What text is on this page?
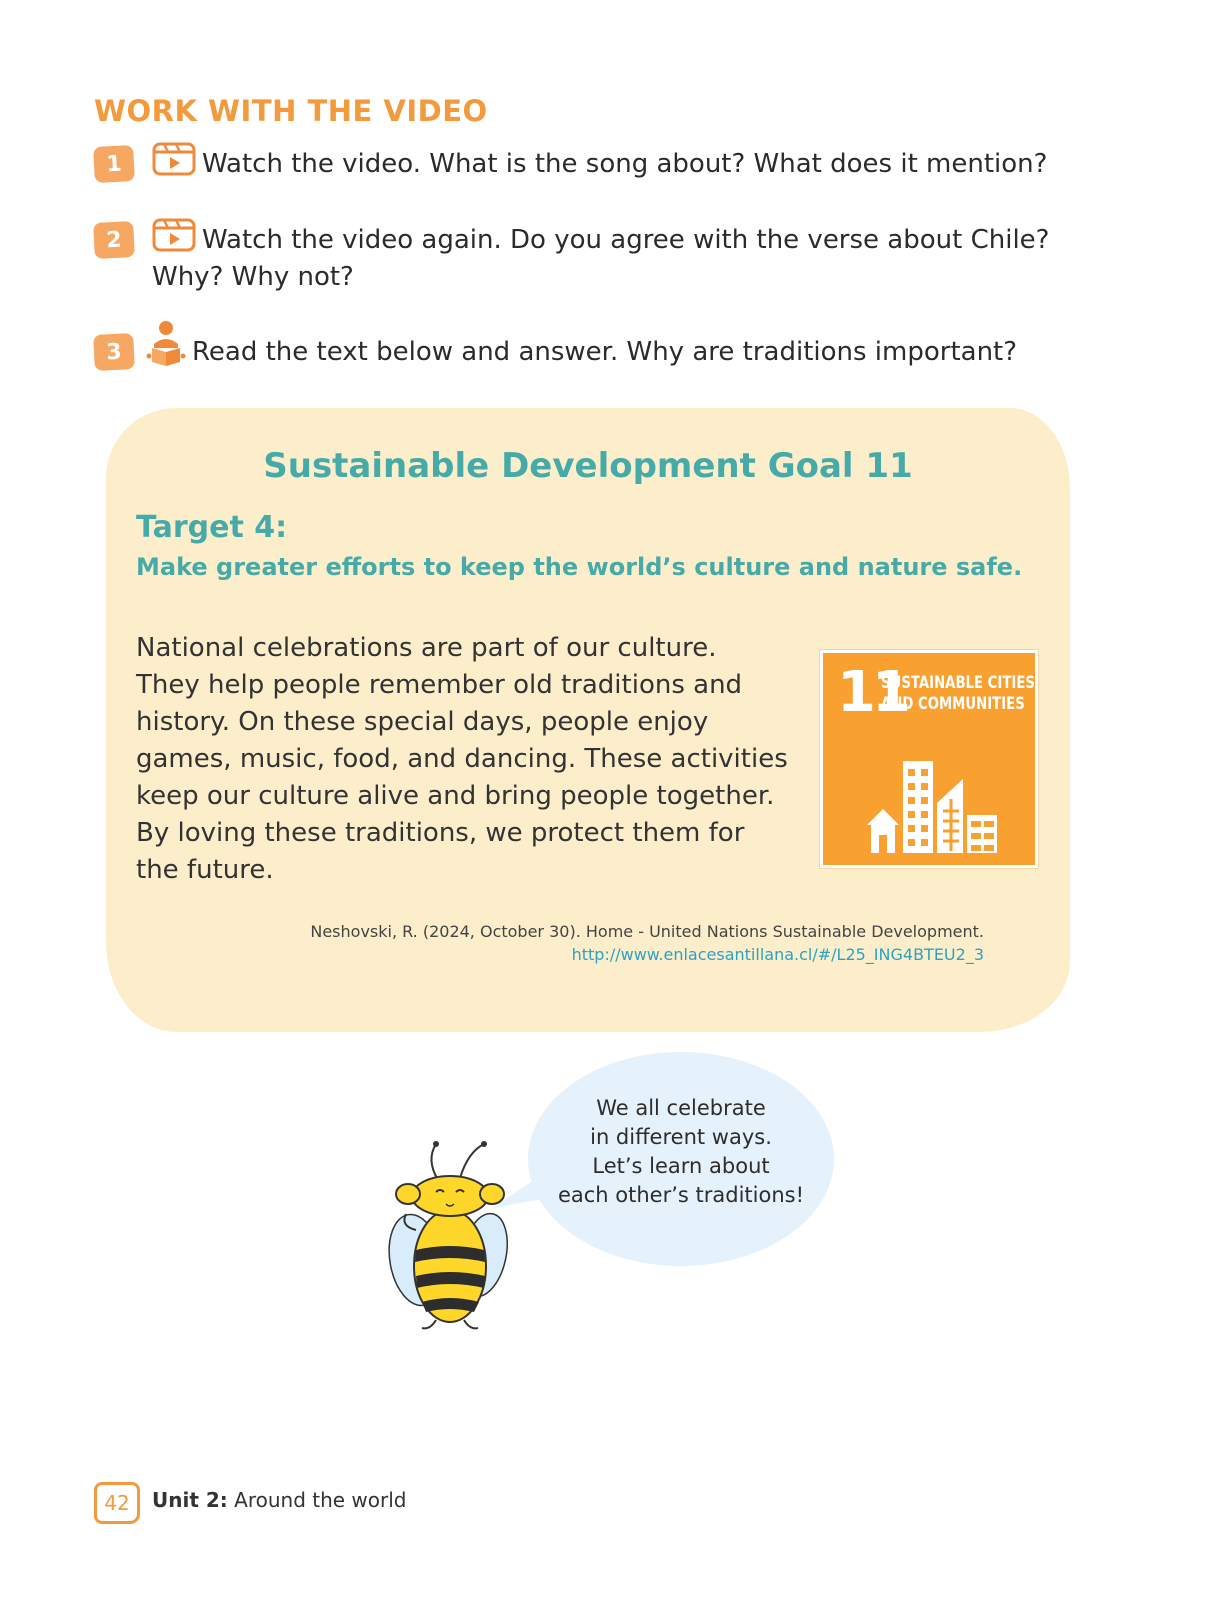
WORK WITH THE VIDEO
1	Watch the video. What is the song about? What does it mention?
2	Watch the video again. Do you agree with the verse about Chile?
Why? Why not?
3	Read the text below and answer. Why are traditions important?
Sustainable Development Goal 11
Target 4:
Make greater efforts to keep the world’s culture and nature safe.
National celebrations are part of our culture.
They help people remember old traditions and
history. On these special days, people enjoy
games, music, food, and dancing. These activities
keep our culture alive and bring people together.
By loving these traditions, we protect them for
the future.
11
SUSTAINABLE CITIES
AND COMMUNITIES
Neshovski, R. (2024, October 30). Home - United Nations Sustainable Development.
http://www.enlacesantillana.cl/#/L25_ING4BTEU2_3
We all celebrate
in different ways.
Let’s learn about
each other’s traditions!
42	Unit 2: Around the world
